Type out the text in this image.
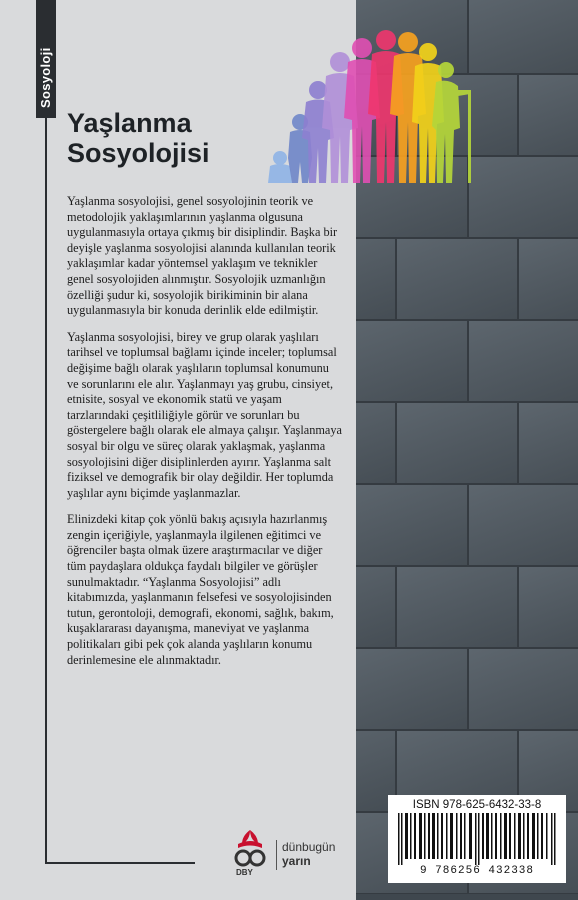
Sosyoloji
Yaşlanma
Sosyolojisi

Yaşlanma sosyolojisi, genel sosyolojinin teorik ve metodolojik yaklaşımlarının yaşlanma olgusuna uygulanmasıyla ortaya çıkmış bir disiplindir. Başka bir deyişle yaşlanma sosyolojisi alanında kullanılan teorik yaklaşımlar kadar yöntemsel yaklaşım ve teknikler genel sosyolojiden alınmıştır. Sosyolojik uzmanlığın özelliği şudur ki, sosyolojik birikiminin bir alana uygulanmasıyla bir konuda derinlik elde edilmiştir.

Yaşlanma sosyolojisi, birey ve grup olarak yaşlıları tarihsel ve toplumsal bağlamı içinde inceler; toplumsal değişime bağlı olarak yaşlıların toplumsal konumunu ve sorunlarını ele alır. Yaşlanmayı yaş grubu, cinsiyet, etnisite, sosyal ve ekonomik statü ve yaşam tarzlarındaki çeşitliliğiyle görür ve sorunları bu göstergelere bağlı olarak ele almaya çalışır. Yaşlanmaya sosyal bir olgu ve süreç olarak yaklaşmak, yaşlanma sosyolojisini diğer disiplinlerden ayırır. Yaşlanma salt fiziksel ve demografik bir olay değildir. Her toplumda yaşlılar aynı biçimde yaşlanmazlar.

Elinizdeki kitap çok yönlü bakış açısıyla hazırlanmış zengin içeriğiyle, yaşlanmayla ilgilenen eğitimci ve öğrenciler başta olmak üzere araştırmacılar ve diğer tüm paydaşlara oldukça faydalı bilgiler ve görüşler sunulmaktadır. “Yaşlanma Sosyolojisi” adlı kitabımızda, yaşlanmanın felsefesi ve sosyolojisinden tutun, gerontoloji, demografi, ekonomi, sağlık, bakım, kuşaklararası dayanışma, maneviyat ve yaşlanma politikaları gibi pek çok alanda yaşlıların konumu derinlemesine ele alınmaktadır.

ISBN 978-625-6432-33-8
9 786256 432338
DBY
dünbugün
yarın
